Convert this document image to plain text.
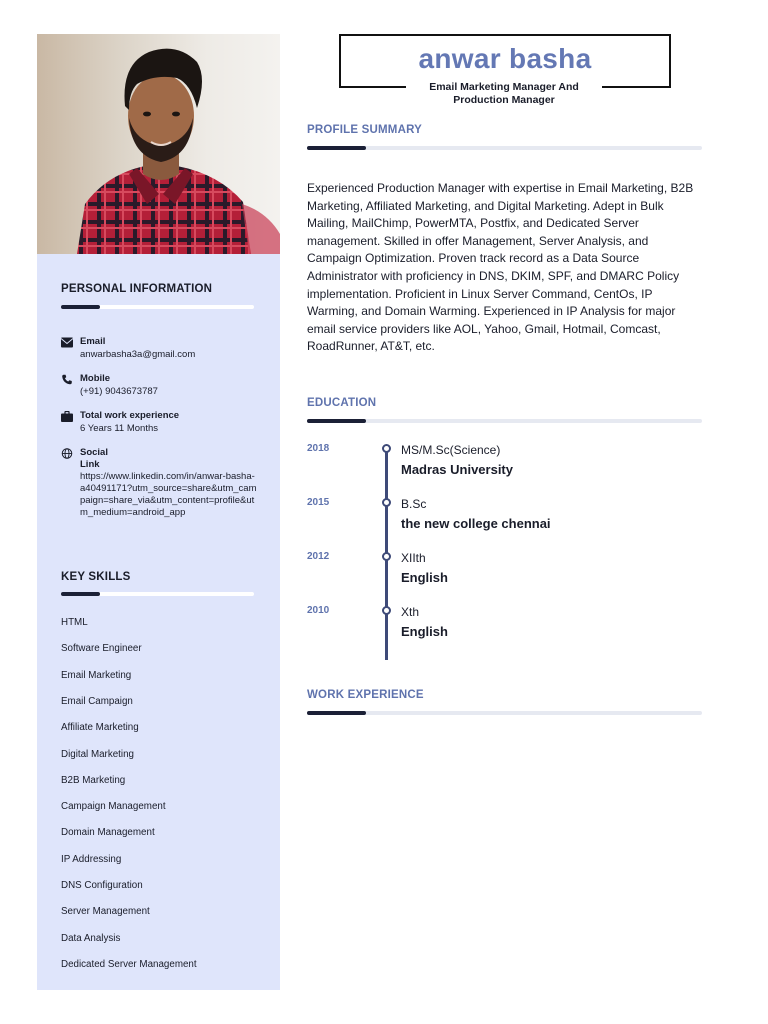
PERSONAL INFORMATION
Email
anwarbasha3a@gmail.com
Mobile
(+91) 9043673787
Total work experience
6 Years 11 Months
Social
Link
https://www.linkedin.com/in/anwar-basha-a40491171?utm_source=share&utm_campaign=share_via&utm_content=profile&utm_medium=android_app
KEY SKILLS
HTML
Software Engineer
Email Marketing
Email Campaign
Affiliate Marketing
Digital Marketing
B2B Marketing
Campaign Management
Domain Management
IP Addressing
DNS Configuration
Server Management
Data Analysis
Dedicated Server Management
anwar basha
Email Marketing Manager And Production Manager
PROFILE SUMMARY
Experienced Production Manager with expertise in Email Marketing, B2B Marketing, Affiliated Marketing, and Digital Marketing. Adept in Bulk Mailing, MailChimp, PowerMTA, Postfix, and Dedicated Server management. Skilled in offer Management, Server Analysis, and Campaign Optimization. Proven track record as a Data Source Administrator with proficiency in DNS, DKIM, SPF, and DMARC Policy implementation. Proficient in Linux Server Command, CentOs, IP Warming, and Domain Warming. Experienced in IP Analysis for major email service providers like AOL, Yahoo, Gmail, Hotmail, Comcast, RoadRunner, AT&T, etc.
EDUCATION
2018	MS/M.Sc(Science)
Madras University
2015	B.Sc
the new college chennai
2012	XIIth
English
2010	Xth
English
WORK EXPERIENCE
